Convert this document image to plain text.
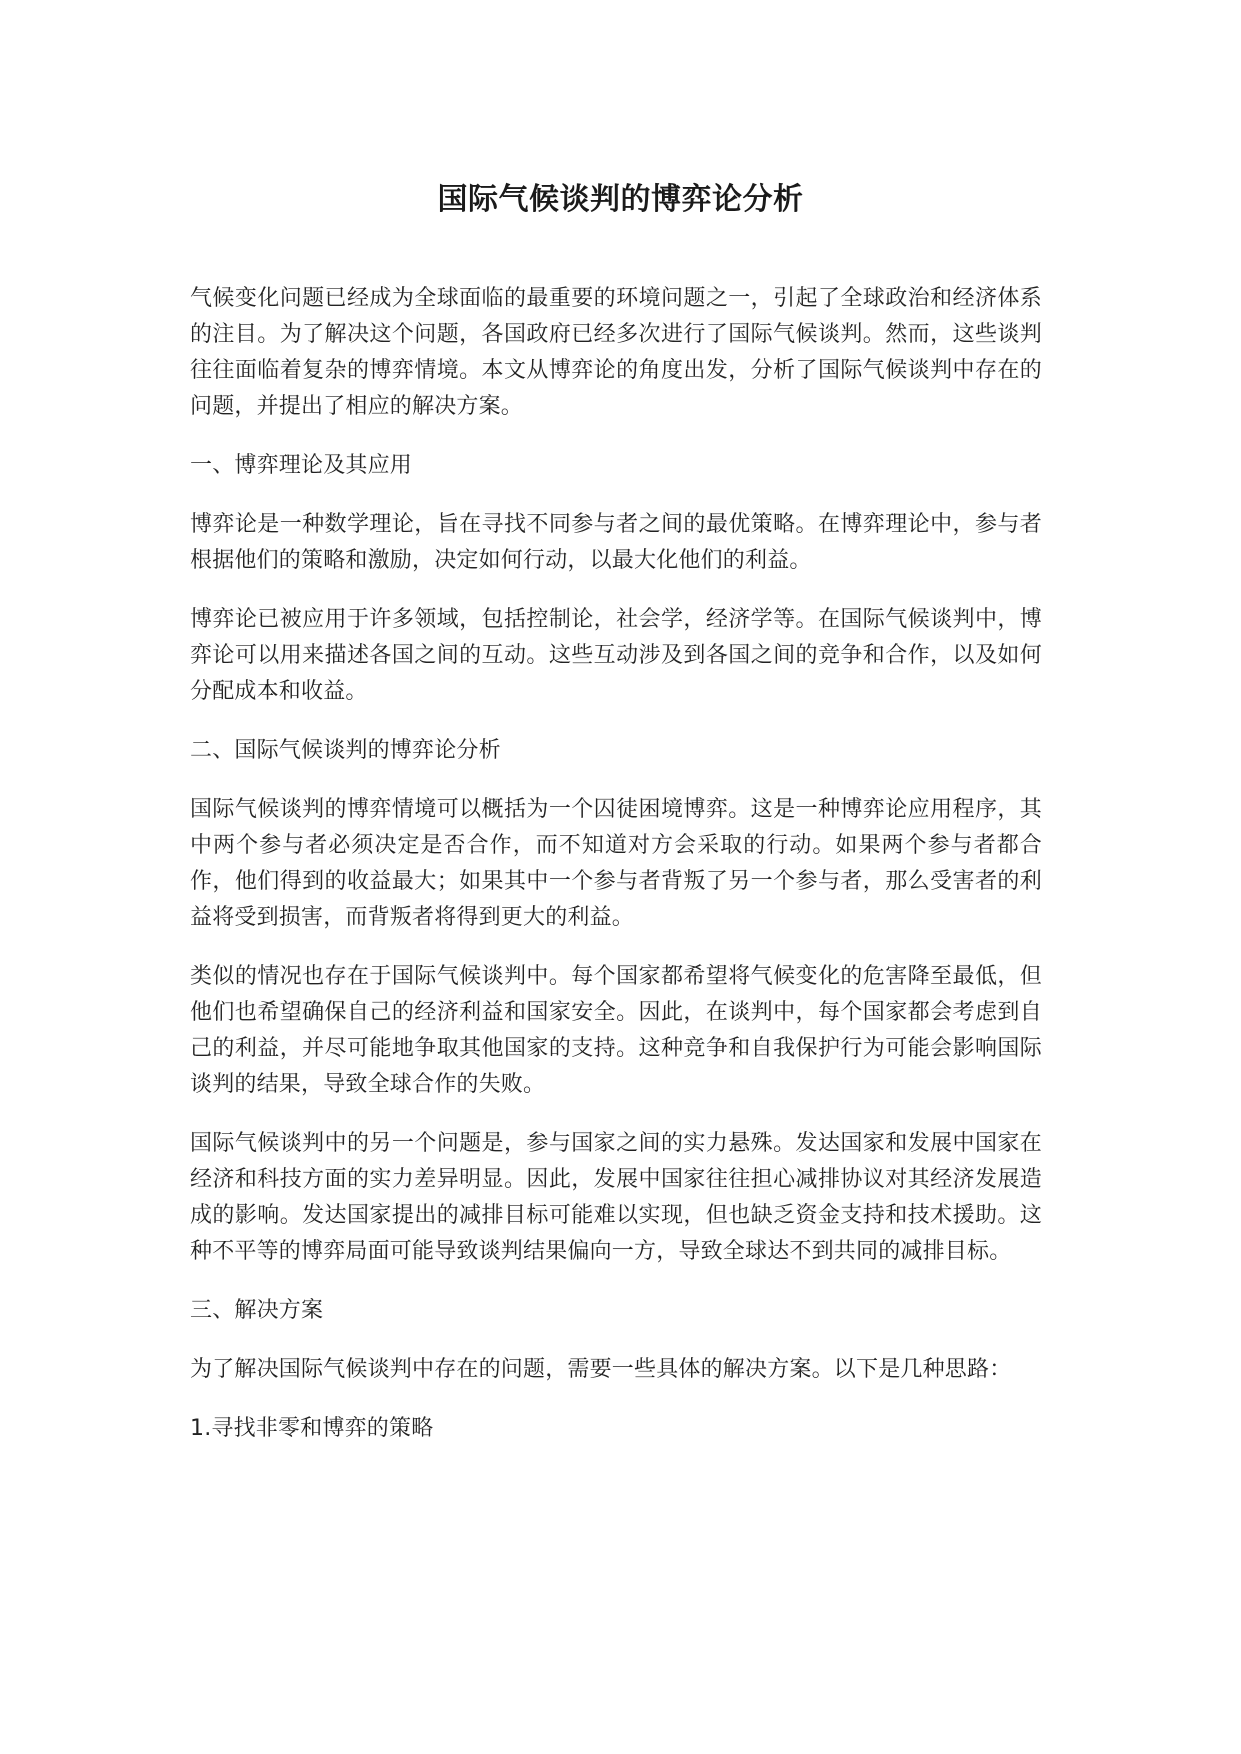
国际气候谈判的博弈论分析

气候变化问题已经成为全球面临的最重要的环境问题之一，引起了全球政治和经济体系的注目。为了解决这个问题，各国政府已经多次进行了国际气候谈判。然而，这些谈判往往面临着复杂的博弈情境。本文从博弈论的角度出发，分析了国际气候谈判中存在的问题，并提出了相应的解决方案。

一、博弈理论及其应用

博弈论是一种数学理论，旨在寻找不同参与者之间的最优策略。在博弈理论中，参与者根据他们的策略和激励，决定如何行动，以最大化他们的利益。

博弈论已被应用于许多领域，包括控制论，社会学，经济学等。在国际气候谈判中，博弈论可以用来描述各国之间的互动。这些互动涉及到各国之间的竞争和合作，以及如何分配成本和收益。

二、国际气候谈判的博弈论分析

国际气候谈判的博弈情境可以概括为一个囚徒困境博弈。这是一种博弈论应用程序，其中两个参与者必须决定是否合作，而不知道对方会采取的行动。如果两个参与者都合作，他们得到的收益最大；如果其中一个参与者背叛了另一个参与者，那么受害者的利益将受到损害，而背叛者将得到更大的利益。

类似的情况也存在于国际气候谈判中。每个国家都希望将气候变化的危害降至最低，但他们也希望确保自己的经济利益和国家安全。因此，在谈判中，每个国家都会考虑到自己的利益，并尽可能地争取其他国家的支持。这种竞争和自我保护行为可能会影响国际谈判的结果，导致全球合作的失败。

国际气候谈判中的另一个问题是，参与国家之间的实力悬殊。发达国家和发展中国家在经济和科技方面的实力差异明显。因此，发展中国家往往担心减排协议对其经济发展造成的影响。发达国家提出的减排目标可能难以实现，但也缺乏资金支持和技术援助。这种不平等的博弈局面可能导致谈判结果偏向一方，导致全球达不到共同的减排目标。

三、解决方案

为了解决国际气候谈判中存在的问题，需要一些具体的解决方案。以下是几种思路：

1.寻找非零和博弈的策略
